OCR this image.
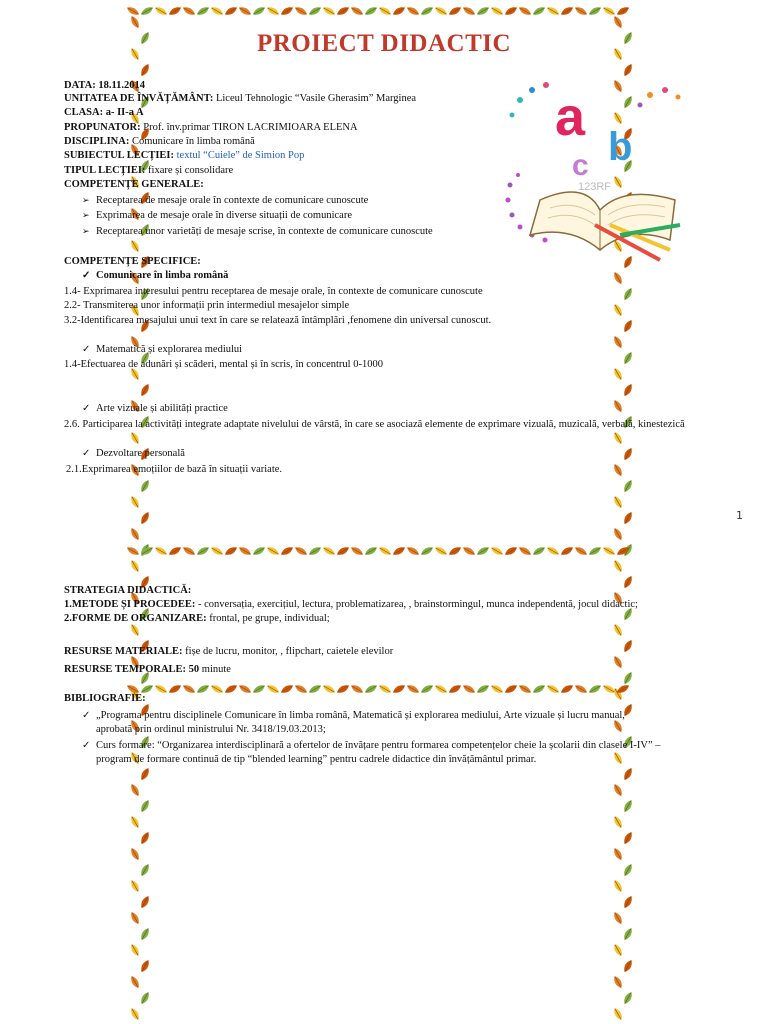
PROIECT DIDACTIC
a b
c
123RF
DATA: 18.11.2014
UNITATEA DE ÎNVĂȚĂMÂNT: Liceul Tehnologic “Vasile Gherasim” Marginea
CLASA: a- II-a A
PROPUNATOR: Prof. înv.primar TIRON LACRIMIOARA ELENA
DISCIPLINA: Comunicare în limba română
SUBIECTUL LECȚIEI: textul “Cuiele” de Simion Pop
TIPUL LECȚIEI: fixare și consolidare
COMPETENȚE GENERALE:
➢ Receptarea de mesaje orale în contexte de comunicare cunoscute
➢ Exprimarea de mesaje orale în diverse situații de comunicare
➢ Receptarea unor varietăți de mesaje scrise, în contexte de comunicare cunoscute
COMPETENȚE SPECIFICE:
✓ Comunicare în limba română
1.4- Exprimarea interesului pentru receptarea de mesaje orale, în contexte de comunicare cunoscute
2.2- Transmiterea unor informații prin intermediul mesajelor simple
3.2-Identificarea mesajului unui text în care se relatează întâmplări ,fenomene din universal cunoscut.
✓ Matematică și explorarea mediului
1.4-Efectuarea de adunări și scăderi, mental și în scris, în concentrul 0-1000
✓ Arte vizuale și abilități practice
2.6. Participarea la activități integrate adaptate nivelului de vârstă, în care se asociază elemente de exprimare vizuală, muzicală, verbală, kinestezică
✓ Dezvoltare personală
2.1.Exprimarea emoțiilor de bază în situații variate.
1
STRATEGIA DIDACTICĂ:
1.METODE ȘI PROCEDEE: - conversația, exercițiul, lectura, problematizarea, , brainstormingul, munca independentă, jocul didactic;
2.FORME DE ORGANIZARE: frontal, pe grupe, individual;
RESURSE MATERIALE: fișe de lucru, monitor, , flipchart, caietele elevilor
RESURSE TEMPORALE: 50 minute
BIBLIOGRAFIE:
✓ „Programa pentru disciplinele Comunicare în limba română, Matematică și explorarea mediului, Arte vizuale și lucru manual,
aprobată prin ordinul ministrului Nr. 3418/19.03.2013;
✓ Curs formare: “Organizarea interdisciplinară a ofertelor de învățare pentru formarea competențelor cheie la școlarii din clasele I-IV” –
program de formare continuă de tip “blended learning” pentru cadrele didactice din învățământul primar.
